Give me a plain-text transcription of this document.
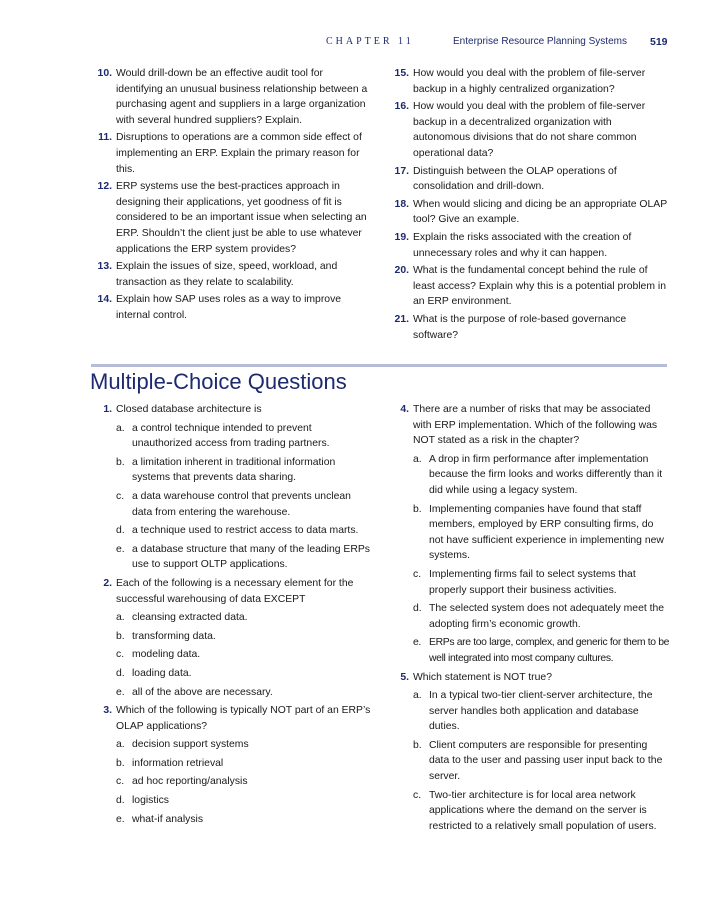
CHAPTER 11	Enterprise Resource Planning Systems 519
10. Would drill-down be an effective audit tool for identifying an unusual business relationship between a purchasing agent and suppliers in a large organization with several hundred suppliers? Explain.
11. Disruptions to operations are a common side effect of implementing an ERP. Explain the primary reason for this.
12. ERP systems use the best-practices approach in designing their applications, yet goodness of fit is considered to be an important issue when selecting an ERP. Shouldn’t the client just be able to use whatever applications the ERP system provides?
13. Explain the issues of size, speed, workload, and transaction as they relate to scalability.
14. Explain how SAP uses roles as a way to improve internal control.
15. How would you deal with the problem of file-server backup in a highly centralized organization?
16. How would you deal with the problem of file-server backup in a decentralized organization with autonomous divisions that do not share common operational data?
17. Distinguish between the OLAP operations of consolidation and drill-down.
18. When would slicing and dicing be an appropriate OLAP tool? Give an example.
19. Explain the risks associated with the creation of unnecessary roles and why it can happen.
20. What is the fundamental concept behind the rule of least access? Explain why this is a potential problem in an ERP environment.
21. What is the purpose of role-based governance software?
Multiple-Choice Questions
1. Closed database architecture is
a. a control technique intended to prevent unauthorized access from trading partners.
b. a limitation inherent in traditional information systems that prevents data sharing.
c. a data warehouse control that prevents unclean data from entering the warehouse.
d. a technique used to restrict access to data marts.
e. a database structure that many of the leading ERPs use to support OLTP applications.
2. Each of the following is a necessary element for the successful warehousing of data EXCEPT
a. cleansing extracted data.
b. transforming data.
c. modeling data.
d. loading data.
e. all of the above are necessary.
3. Which of the following is typically NOT part of an ERP’s OLAP applications?
a. decision support systems
b. information retrieval
c. ad hoc reporting/analysis
d. logistics
e. what-if analysis
4. There are a number of risks that may be associated with ERP implementation. Which of the following was NOT stated as a risk in the chapter?
a. A drop in firm performance after implementation because the firm looks and works differently than it did while using a legacy system.
b. Implementing companies have found that staff members, employed by ERP consulting firms, do not have sufficient experience in implementing new systems.
c. Implementing firms fail to select systems that properly support their business activities.
d. The selected system does not adequately meet the adopting firm’s economic growth.
e. ERPs are too large, complex, and generic for them to be well integrated into most company cultures.
5. Which statement is NOT true?
a. In a typical two-tier client-server architecture, the server handles both application and database duties.
b. Client computers are responsible for presenting data to the user and passing user input back to the server.
c. Two-tier architecture is for local area network applications where the demand on the server is restricted to a relatively small population of users.
